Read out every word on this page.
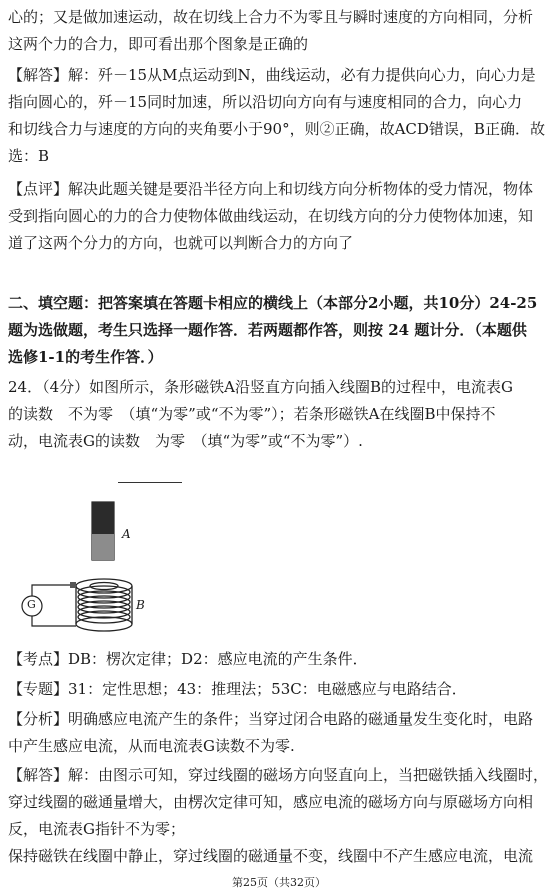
心的；又是做加速运动，故在切线上合力不为零且与瞬时速度的方向相同，分析
这两个力的合力，即可看出那个图象是正确的

【解答】解：歼－15从M点运动到N，曲线运动，必有力提供向心力，向心力是
指向圆心的，歼－15同时加速，所以沿切向方向有与速度相同的合力，向心力
和切线合力与速度的方向的夹角要小于90°，则②正确，故ACD错误，B正确．故
选：B

【点评】解决此题关键是要沿半径方向上和切线方向分析物体的受力情况，物体
受到指向圆心的力的合力使物体做曲线运动，在切线方向的分力使物体加速，知
道了这两个分力的方向，也就可以判断合力的方向了

二、填空题：把答案填在答题卡相应的横线上（本部分2小题，共10分）24-25
题为选做题，考生只选择一题作答．若两题都作答，则按 24 题计分．（本题供
选修1-1的考生作答．）

24．（4分）如图所示，条形磁铁A沿竖直方向插入线圈B的过程中，电流表G
的读数　不为零　（填“为零”或“不为零”）；若条形磁铁A在线圈B中保持不
动，电流表G的读数　为零　（填“为零”或“不为零”）.

A
B
G

【考点】DB：楞次定律；D2：感应电流的产生条件．

【专题】31：定性思想；43：推理法；53C：电磁感应与电路结合．

【分析】明确感应电流产生的条件；当穿过闭合电路的磁通量发生变化时，电路
中产生感应电流，从而电流表G读数不为零.

【解答】解：由图示可知，穿过线圈的磁场方向竖直向上，当把磁铁插入线圈时，
穿过线圈的磁通量增大，由楞次定律可知，感应电流的磁场方向与原磁场方向相
反，电流表G指针不为零；
保持磁铁在线圈中静止，穿过线圈的磁通量不变，线圈中不产生感应电流，电流

第25页（共32页）
